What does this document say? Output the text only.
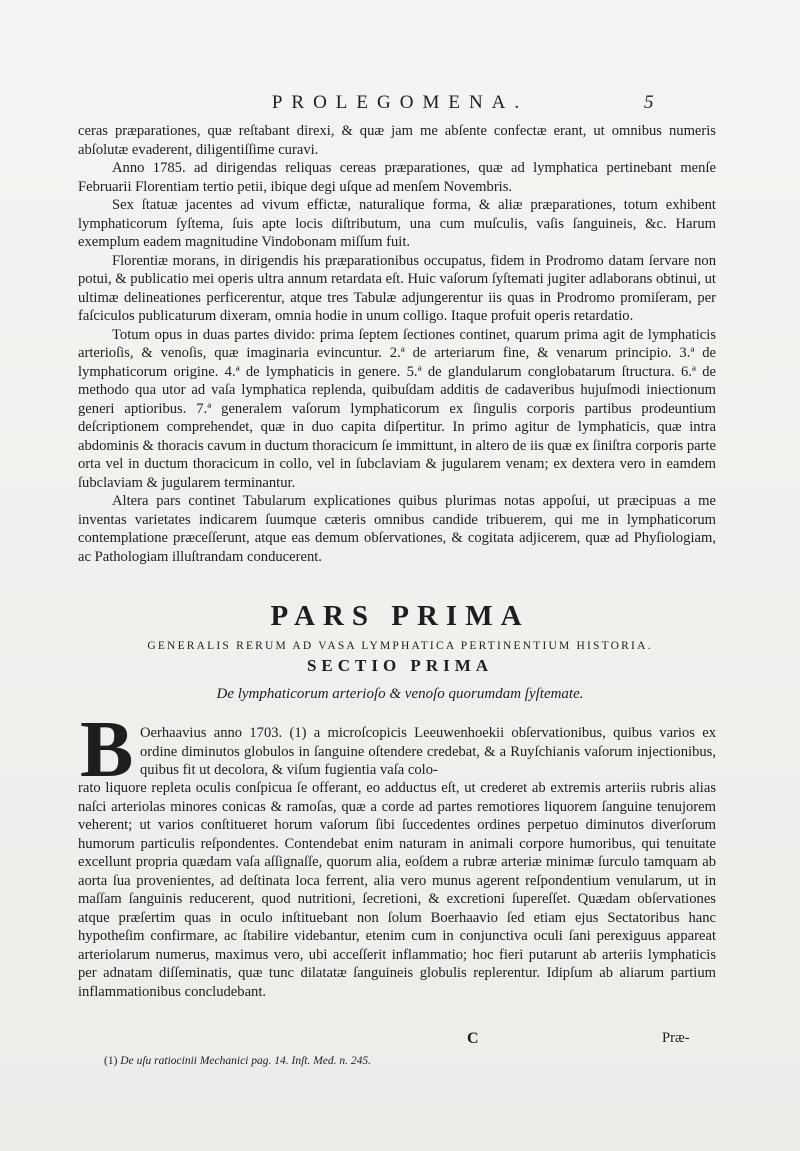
PROLEGOMENA.	5

ceras præparationes, quæ reſtabant direxi, & quæ jam me abſente confectæ erant, ut omnibus numeris abſolutæ evaderent, diligentiſſime curavi.

Anno 1785. ad dirigendas reliquas cereas præparationes, quæ ad lymphatica pertinebant menſe Februarii Florentiam tertio petii, ibique degi uſque ad menſem Novembris.

Sex ſtatuæ jacentes ad vivum effictæ, naturalique forma, & aliæ præparationes, totum exhibent lymphaticorum ſyſtema, ſuis apte locis diſtributum, una cum muſculis, vaſis ſanguineis, &c. Harum exemplum eadem magnitudine Vindobonam miſſum fuit.

Florentiæ morans, in dirigendis his præparationibus occupatus, fidem in Prodromo datam ſervare non potui, & publicatio mei operis ultra annum retardata eſt. Huic vaſorum ſyſtemati jugiter adlaborans obtinui, ut ultimæ delineationes perficerentur, atque tres Tabulæ adjungerentur iis quas in Prodromo promiſeram, per faſciculos publicaturum dixeram, omnia hodie in unum colligo. Itaque profuit operis retardatio.

Totum opus in duas partes divido: prima ſeptem ſectiones continet, quarum prima agit de lymphaticis arterioſis, & venoſis, quæ imaginaria evincuntur. 2.ª de arteriarum fine, & venarum principio. 3.ª de lymphaticorum origine. 4.ª de lymphaticis in genere. 5.ª de glandularum conglobatarum ſtructura. 6.ª de methodo qua utor ad vaſa lymphatica replenda, quibuſdam additis de cadaveribus hujuſmodi iniectionum generi aptioribus. 7.ª generalem vaſorum lymphaticorum ex ſingulis corporis partibus prodeuntium deſcriptionem comprehendet, quæ in duo capita diſpertitur. In primo agitur de lymphaticis, quæ intra abdominis & thoracis cavum in ductum thoracicum ſe immittunt, in altero de iis quæ ex ſiniſtra corporis parte orta vel in ductum thoracicum in collo, vel in ſubclaviam & jugularem venam; ex dextera vero in eamdem ſubclaviam & jugularem terminantur.

Altera pars continet Tabularum explicationes quibus plurimas notas appoſui, ut præcipuas a me inventas varietates indicarem ſuumque cæteris omnibus candide tribuerem, qui me in lymphaticorum contemplatione præceſſerunt, atque eas demum obſervationes, & cogitata adjicerem, quæ ad Phyſiologiam, ac Pathologiam illuſtrandam conducerent.

PARS PRIMA
GENERALIS RERUM AD VASA LYMPHATICA PERTINENTIUM HISTORIA.
SECTIO PRIMA
De lymphaticorum arterioſo & venoſo quorumdam ſyſtemate.
B Oerhaavius anno 1703. (1) a microſcopicis Leeuwenhoekii obſervationibus, quibus varios ex ordine diminutos globulos in ſanguine oſtendere credebat, & a Ruyſchianis vaſorum injectionibus, quibus fit ut decolora, & viſum fugientia vaſa colo-
rato liquore repleta oculis conſpicua ſe offerant, eo adductus eſt, ut crederet ab extremis arteriis rubris alias naſci arteriolas minores conicas & ramoſas, quæ a corde ad partes remotiores liquorem ſanguine tenujorem veherent; ut varios conſtitueret horum vaſorum ſibi ſuccedentes ordines perpetuo diminutos diverſorum humorum particulis reſpondentes. Contendebat enim naturam in animali corpore humoribus, qui tenuitate excellunt propria quædam vaſa aſſignaſſe, quorum alia, eoſdem a rubræ arteriæ minimæ ſurculo tamquam ab aorta ſua provenientes, ad deſtinata loca ferrent, alia vero munus agerent reſpondentium venularum, ut in maſſam ſanguinis reducerent, quod nutritioni, ſecretioni, & excretioni ſupereſſet. Quædam obſervationes atque præſertim quas in oculo inſtituebant non ſolum Boerhaavio ſed etiam ejus Sectatoribus hanc hypotheſim confirmare, ac ſtabilire videbantur, etenim cum in conjunctiva oculi ſani perexiguus appareat arteriolarum numerus, maximus vero, ubi acceſſerit inflammatio; hoc fieri putarunt ab arteriis lymphaticis per adnatam diſſeminatis, quæ tunc dilatatæ ſanguineis globulis replerentur. Idipſum ab aliarum partium inflammationibus concludebant.
C	Præ-
(1) De uſu ratiocinii Mechanici pag. 14. Inſt. Med. n. 245.
